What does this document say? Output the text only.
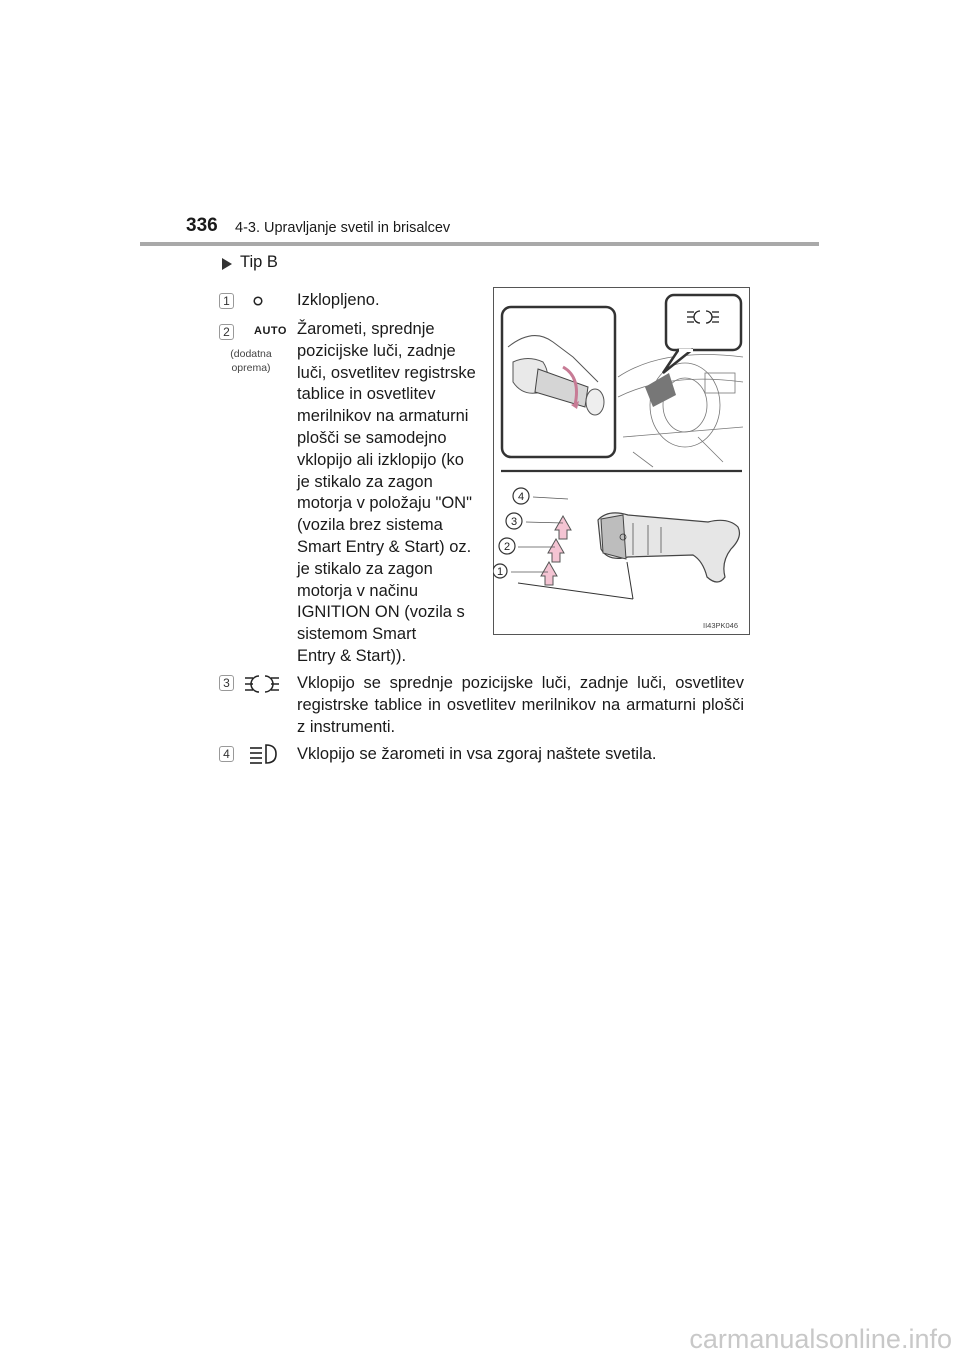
336 4-3. Upravljanje svetil in brisalcev
Tip B
1	Izklopljeno.
2	AUTO
(dodatna oprema)
Žarometi, sprednje
pozicijske luči, zadnje
luči, osvetlitev registrske
tablice in osvetlitev
merilnikov na armaturni
plošči se samodejno
vklopijo ali izklopijo (ko
je stikalo za zagon
motorja v položaju "ON"
(vozila brez sistema
Smart Entry & Start) oz.
je stikalo za zagon
motorja v načinu
IGNITION ON (vozila s
sistemom Smart
Entry & Start)).
3	Vklopijo se sprednje pozicijske luči, zadnje luči, osvetlitev registrske tablice in osvetlitev merilnikov na armaturni plošči z instrumenti.
4	Vklopijo se žarometi in vsa zgoraj naštete svetila.
4
3
2
1
II43PK046
carmanualsonline.info
